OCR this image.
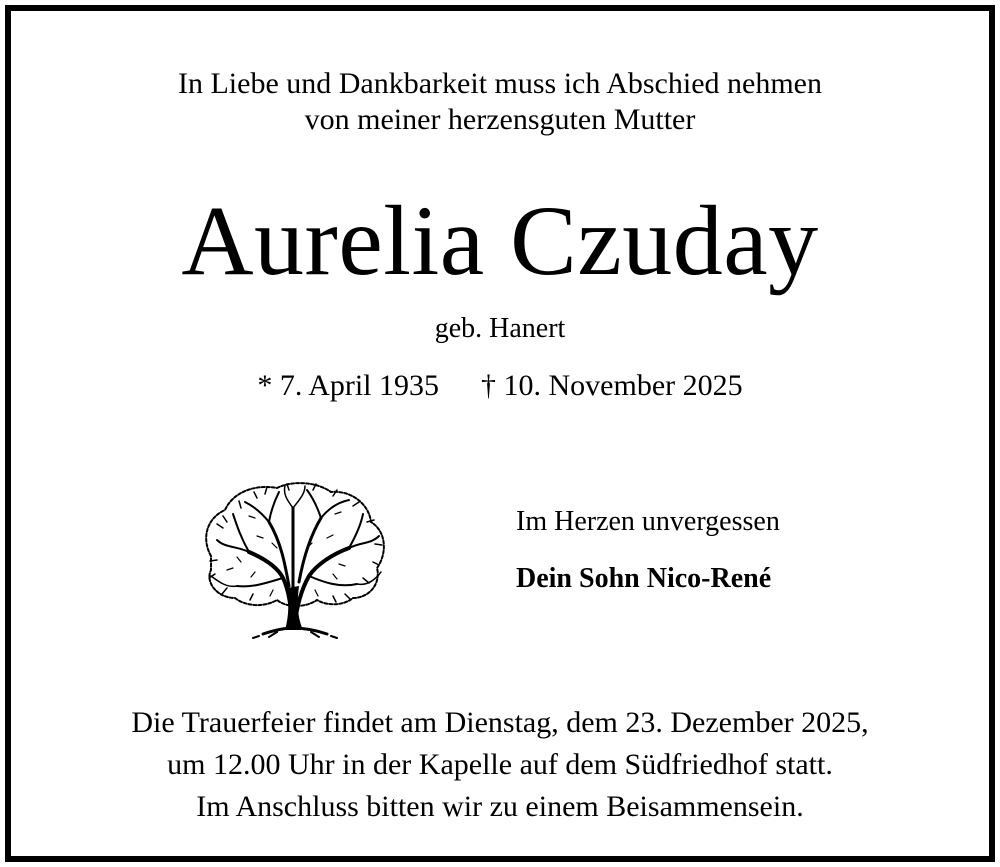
In Liebe und Dankbarkeit muss ich Abschied nehmen
von meiner herzensguten Mutter
Aurelia Czuday
geb. Hanert
* 7. April 1935 † 10. November 2025
Im Herzen unvergessen
Dein Sohn Nico-René
Die Trauerfeier findet am Dienstag, dem 23. Dezember 2025,
um 12.00 Uhr in der Kapelle auf dem Südfriedhof statt.
Im Anschluss bitten wir zu einem Beisammensein.
